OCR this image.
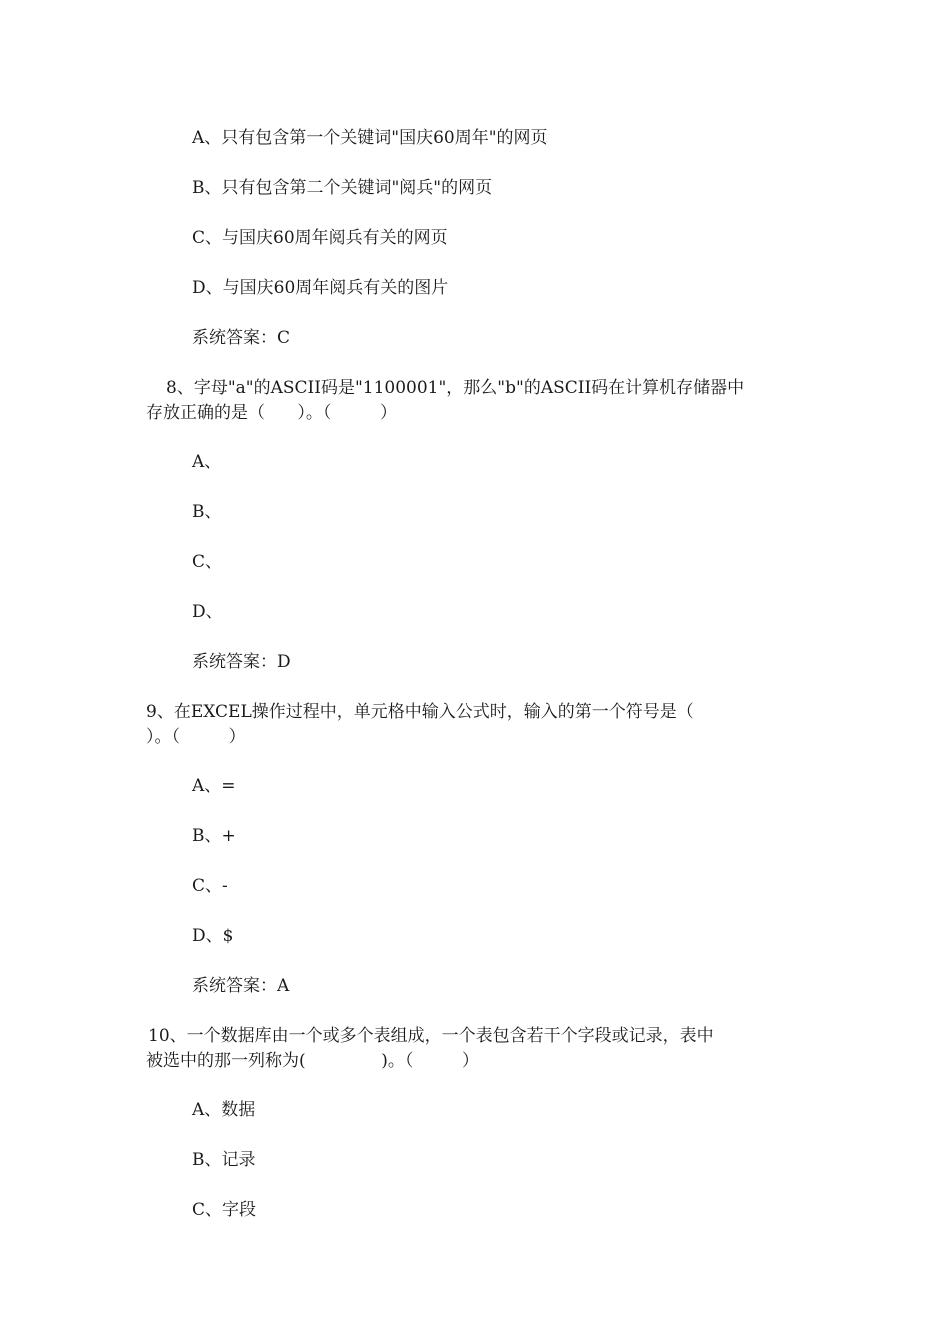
A、只有包含第一个关键词"国庆60周年"的网页

B、只有包含第二个关键词"阅兵"的网页

C、与国庆60周年阅兵有关的网页

D、与国庆60周年阅兵有关的图片

系统答案：C

8、字母"a"的ASCII码是"1100001"，那么"b"的ASCII码在计算机存储器中

存放正确的是（      ）。（         ）

A、

B、

C、

D、

系统答案：D

9、在EXCEL操作过程中，单元格中输入公式时，输入的第一个符号是（

）。（         ）

A、=

B、+

C、-

D、$

系统答案：A

10、一个数据库由一个或多个表组成，一个表包含若干个字段或记录，表中

被选中的那一列称为(              )。（         ）

A、数据

B、记录

C、字段
